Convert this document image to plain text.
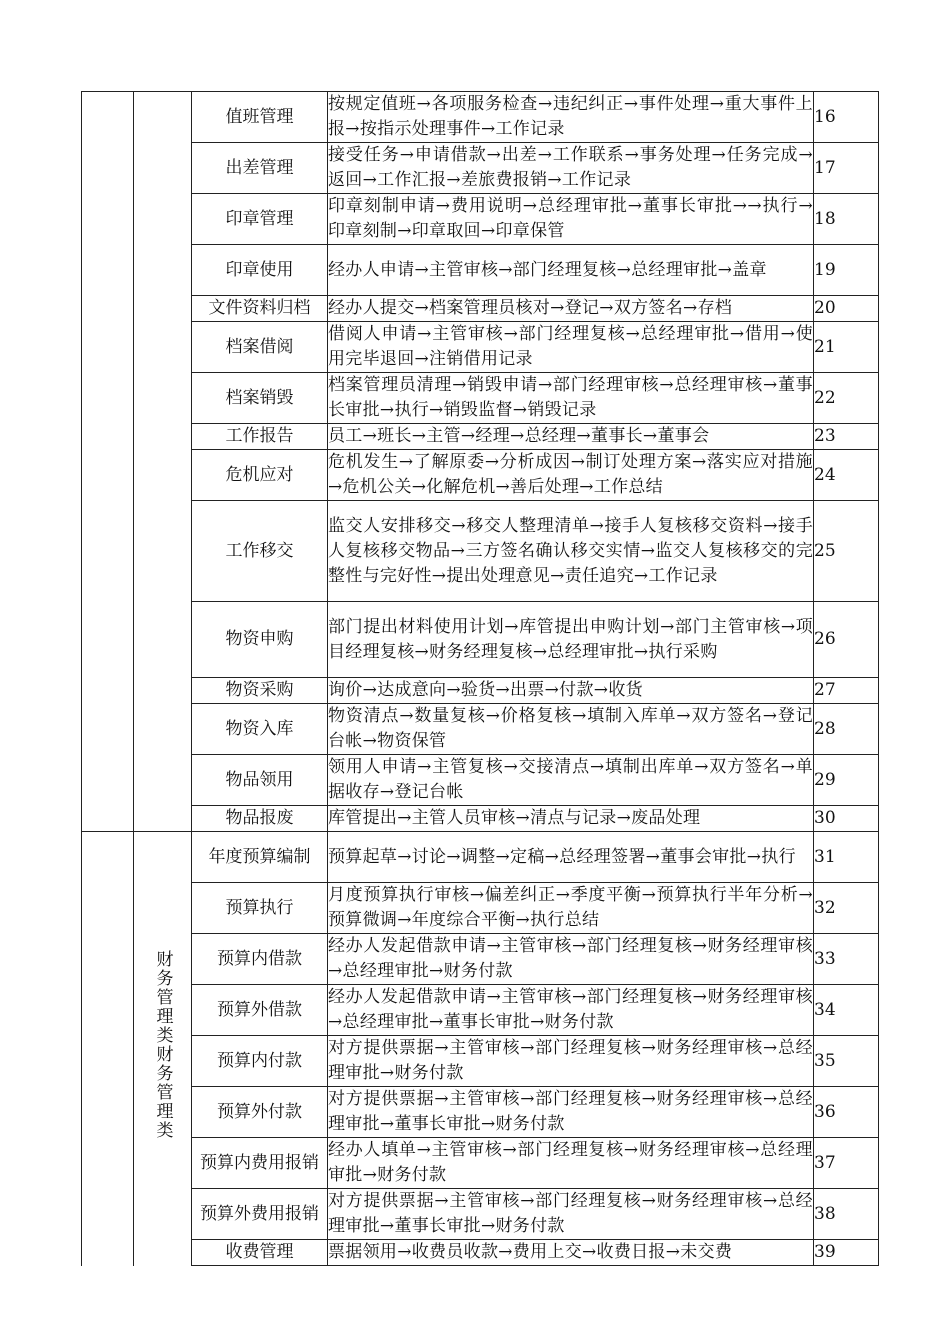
		值班管理	按规定值班→各项服务检查→违纪纠正→事件处理→重大事件上报→按指示处理事件→工作记录	16
		出差管理	接受任务→申请借款→出差→工作联系→事务处理→任务完成→返回→工作汇报→差旅费报销→工作记录	17
		印章管理	印章刻制申请→费用说明→总经理审批→董事长审批→→执行→印章刻制→印章取回→印章保管	18
		印章使用	经办人申请→主管审核→部门经理复核→总经理审批→盖章	19
		文件资料归档	经办人提交→档案管理员核对→登记→双方签名→存档	20
		档案借阅	借阅人申请→主管审核→部门经理复核→总经理审批→借用→使用完毕退回→注销借用记录	21
		档案销毁	档案管理员清理→销毁申请→部门经理审核→总经理审核→董事长审批→执行→销毁监督→销毁记录	22
		工作报告	员工→班长→主管→经理→总经理→董事长→董事会	23
		危机应对	危机发生→了解原委→分析成因→制订处理方案→落实应对措施→危机公关→化解危机→善后处理→工作总结	24
		工作移交	监交人安排移交→移交人整理清单→接手人复核移交资料→接手人复核移交物品→三方签名确认移交实情→监交人复核移交的完整性与完好性→提出处理意见→责任追究→工作记录	25
		物资申购	部门提出材料使用计划→库管提出申购计划→部门主管审核→项目经理复核→财务经理复核→总经理审批→执行采购	26
		物资采购	询价→达成意向→验货→出票→付款→收货	27
		物资入库	物资清点→数量复核→价格复核→填制入库单→双方签名→登记台帐→物资保管	28
		物品领用	领用人申请→主管复核→交接清点→填制出库单→双方签名→单据收存→登记台帐	29
		物品报废	库管提出→主管人员审核→清点与记录→废品处理	30
	财务管理类财务管理类	年度预算编制	预算起草→讨论→调整→定稿→总经理签署→董事会审批→执行	31
		预算执行	月度预算执行审核→偏差纠正→季度平衡→预算执行半年分析→预算微调→年度综合平衡→执行总结	32
		预算内借款	经办人发起借款申请→主管审核→部门经理复核→财务经理审核→总经理审批→财务付款	33
		预算外借款	经办人发起借款申请→主管审核→部门经理复核→财务经理审核→总经理审批→董事长审批→财务付款	34
		预算内付款	对方提供票据→主管审核→部门经理复核→财务经理审核→总经理审批→财务付款	35
		预算外付款	对方提供票据→主管审核→部门经理复核→财务经理审核→总经理审批→董事长审批→财务付款	36
		预算内费用报销	经办人填单→主管审核→部门经理复核→财务经理审核→总经理审批→财务付款	37
		预算外费用报销	对方提供票据→主管审核→部门经理复核→财务经理审核→总经理审批→董事长审批→财务付款	38
		收费管理	票据领用→收费员收款→费用上交→收费日报→未交费	39
